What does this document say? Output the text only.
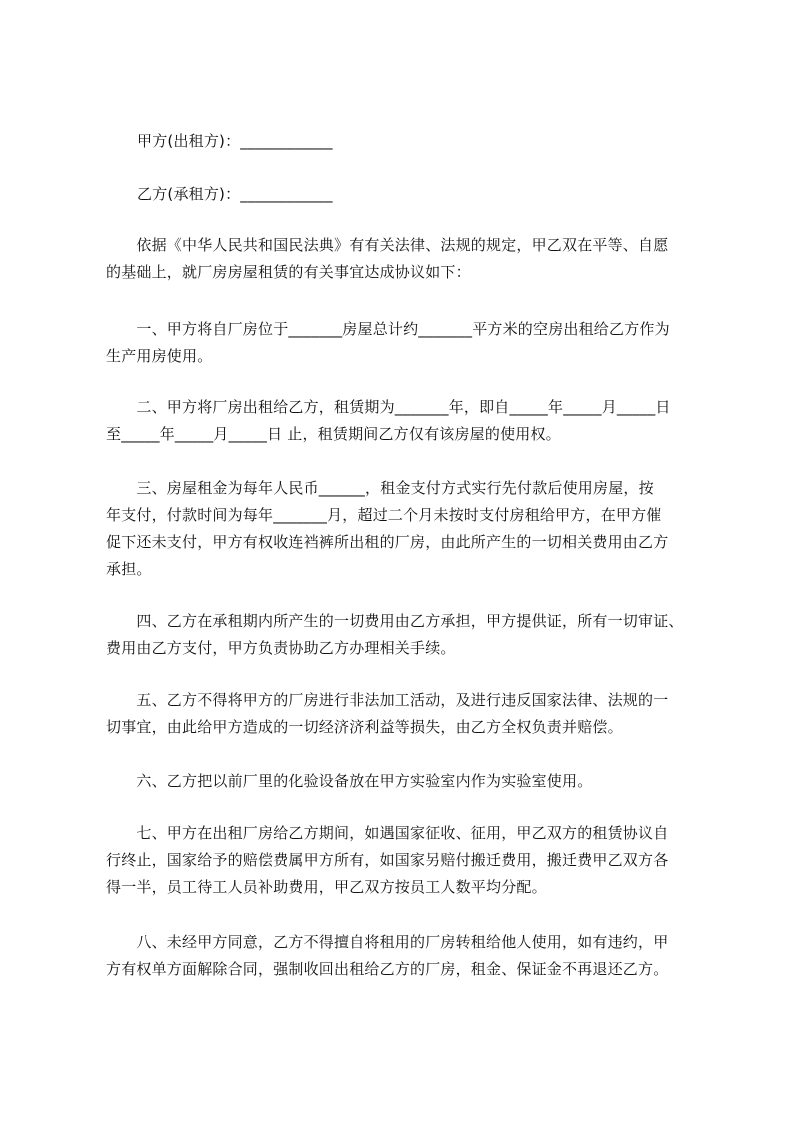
甲方(出租方)：____________
乙方(承租方)：____________
　　依据《中华人民共和国民法典》有有关法律、法规的规定，甲乙双在平等、自愿
的基础上，就厂房房屋租赁的有关事宜达成协议如下：
　　一、甲方将自厂房位于_______房屋总计约_______平方米的空房出租给乙方作为
生产用房使用。
　　二、甲方将厂房出租给乙方，租赁期为_______年，即自_____年_____月_____日
至_____年_____月_____日 止，租赁期间乙方仅有该房屋的使用权。
　　三、房屋租金为每年人民币______，租金支付方式实行先付款后使用房屋，按
年支付，付款时间为每年_______月，超过二个月未按时支付房租给甲方，在甲方催
促下还未支付，甲方有权收连裆裤所出租的厂房，由此所产生的一切相关费用由乙方
承担。
　　四、乙方在承租期内所产生的一切费用由乙方承担，甲方提供证，所有一切审证、
费用由乙方支付，甲方负责协助乙方办理相关手续。
　　五、乙方不得将甲方的厂房进行非法加工活动，及进行违反国家法律、法规的一
切事宜，由此给甲方造成的一切经济济利益等损失，由乙方全权负责并赔偿。
　　六、乙方把以前厂里的化验设备放在甲方实验室内作为实验室使用。
　　七、甲方在出租厂房给乙方期间，如遇国家征收、征用，甲乙双方的租赁协议自
行终止，国家给予的赔偿费属甲方所有，如国家另赔付搬迁费用，搬迁费甲乙双方各
得一半，员工待工人员补助费用，甲乙双方按员工人数平均分配。
　　八、未经甲方同意，乙方不得擅自将租用的厂房转租给他人使用，如有违约，甲
方有权单方面解除合同，强制收回出租给乙方的厂房，租金、保证金不再退还乙方。
